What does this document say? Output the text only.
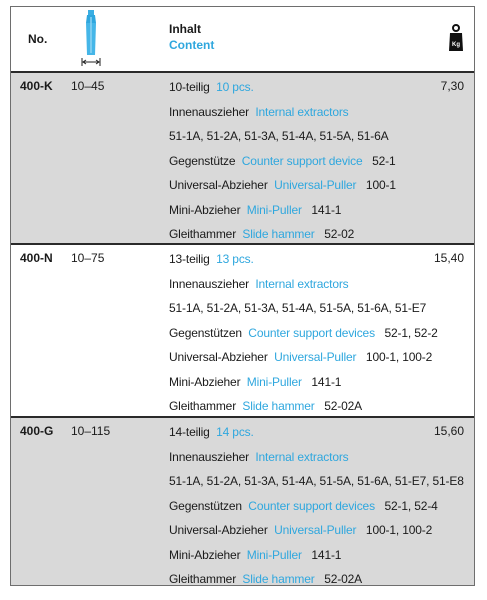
No.
Inhalt
Content	Kg
400-K 10–45	7,30
10-teilig 10 pcs.
Innenauszieher Internal extractors
51-1A, 51-2A, 51-3A, 51-4A, 51-5A, 51-6A
Gegenstütze Counter support device 52-1
Universal-Abzieher Universal-Puller 100-1
Mini-Abzieher Mini-Puller 141-1
Gleithammer Slide hammer 52-02
400-N 10–75	15,40
13-teilig 13 pcs.
Innenauszieher Internal extractors
51-1A, 51-2A, 51-3A, 51-4A, 51-5A, 51-6A, 51-E7
Gegenstützen Counter support devices 52-1, 52-2
Universal-Abzieher Universal-Puller 100-1, 100-2
Mini-Abzieher Mini-Puller 141-1
Gleithammer Slide hammer 52-02A
400-G 10–115	15,60
14-teilig 14 pcs.
Innenauszieher Internal extractors
51-1A, 51-2A, 51-3A, 51-4A, 51-5A, 51-6A, 51-E7, 51-E8
Gegenstützen Counter support devices 52-1, 52-4
Universal-Abzieher Universal-Puller 100-1, 100-2
Mini-Abzieher Mini-Puller 141-1
Gleithammer Slide hammer 52-02A
